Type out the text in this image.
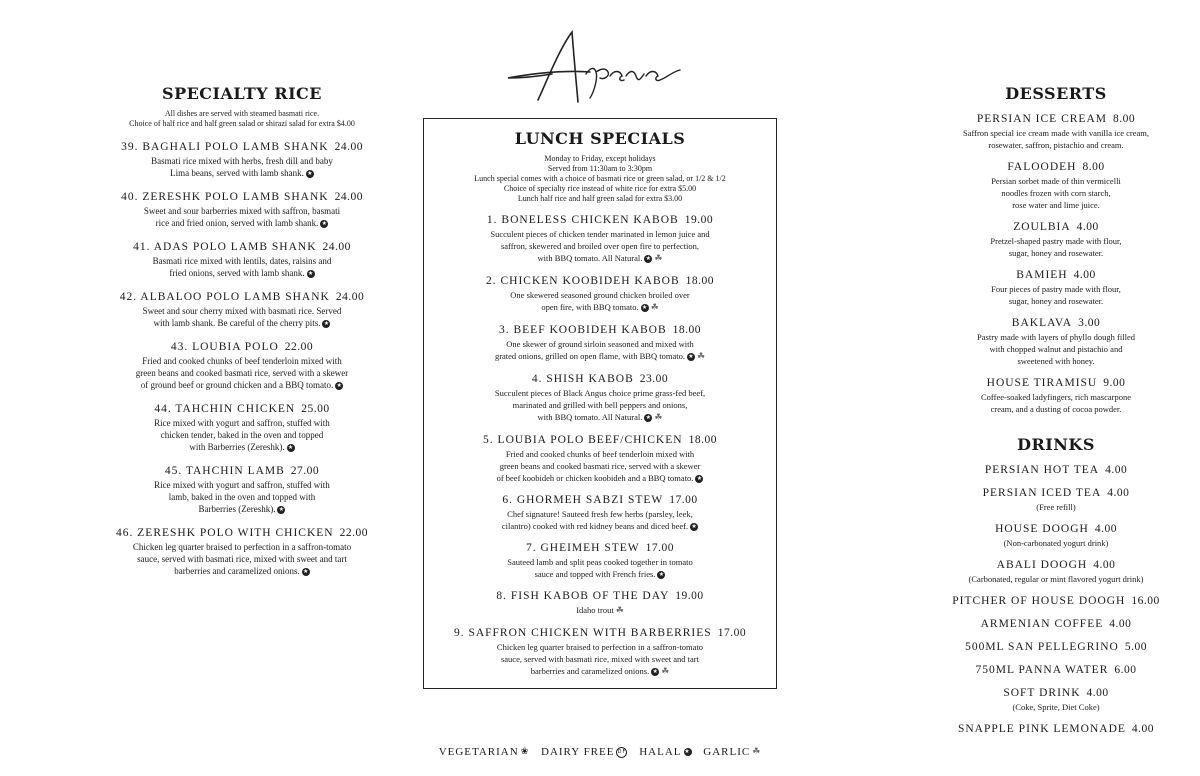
SPECIALTY RICE
All dishes are served with steamed basmati rice.
Choice of half rice and half green salad or shirazi salad for extra $4.00
39. BAGHALI POLO LAMB SHANK 24.00
Basmati rice mixed with herbs, fresh dill and baby
Lima beans, served with lamb shank. ★
40. ZERESHK POLO LAMB SHANK 24.00
Sweet and sour barberries mixed with saffron, basmati
rice and fried onion, served with lamb shank. ★
41. ADAS POLO LAMB SHANK 24.00
Basmati rice mixed with lentils, dates, raisins and
fried onions, served with lamb shank. ★
42. ALBALOO POLO LAMB SHANK 24.00
Sweet and sour cherry mixed with basmati rice. Served
with lamb shank. Be careful of the cherry pits. ★
43. LOUBIA POLO 22.00
Fried and cooked chunks of beef tenderloin mixed with
green beans and cooked basmati rice, served with a skewer
of ground beef or ground chicken and a BBQ tomato. ★
44. TAHCHIN CHICKEN 25.00
Rice mixed with yogurt and saffron, stuffed with
chicken tender, baked in the oven and topped
with Barberries (Zereshk). ★
45. TAHCHIN LAMB 27.00
Rice mixed with yogurt and saffron, stuffed with
lamb, baked in the oven and topped with
Barberries (Zereshk). ★
46. ZERESHK POLO WITH CHICKEN 22.00
Chicken leg quarter braised to perfection in a saffron-tomato
sauce, served with basmati rice, mixed with sweet and tart
barberries and caramelized onions. ★
LUNCH SPECIALS
Monday to Friday, except holidays
Served from 11:30am to 3:30pm
Lunch special comes with a choice of basmati rice or green salad, or 1/2 & 1/2
Choice of specialty rice instead of white rice for extra $5.00
Lunch half rice and half green salad for extra $3.00
1. BONELESS CHICKEN KABOB 19.00
Succulent pieces of chicken tender marinated in lemon juice and
saffron, skewered and broiled over open fire to perfection,
with BBQ tomato. All Natural. ★ ☘
2. CHICKEN KOOBIDEH KABOB 18.00
One skewered seasoned ground chicken broiled over
open fire, with BBQ tomato. ★ ☘
3. BEEF KOOBIDEH KABOB 18.00
One skewer of ground sirloin seasoned and mixed with
grated onions, grilled on open flame, with BBQ tomato. ★ ☘
4. SHISH KABOB 23.00
Succulent pieces of Black Angus choice prime grass-fed beef,
marinated and grilled with bell peppers and onions,
with BBQ tomato. All Natural. ★ ☘
5. LOUBIA POLO BEEF/CHICKEN 18.00
Fried and cooked chunks of beef tenderloin mixed with
green beans and cooked basmati rice, served with a skewer
of beef koobideh or chicken koobideh and a BBQ tomato. ★
6. GHORMEH SABZI STEW 17.00
Chef signature! Sauteed fresh few herbs (parsley, leek,
cilantro) cooked with red kidney beans and diced beef. ★
7. GHEIMEH STEW 17.00
Sauteed lamb and split peas cooked together in tomato
sauce and topped with French fries. ★
8. FISH KABOB OF THE DAY 19.00
Idaho trout ☘
9. SAFFRON CHICKEN WITH BARBERRIES 17.00
Chicken leg quarter braised to perfection in a saffron-tomato
sauce, served with basmati rice, mixed with sweet and tart
barberries and caramelized onions. ★ ☘
DESSERTS
PERSIAN ICE CREAM 8.00
Saffron special ice cream made with vanilla ice cream,
rosewater, saffron, pistachio and cream.
FALOODEH 8.00
Persian sorbet made of thin vermicelli
noodles frozen with corn starch,
rose water and lime juice.
ZOULBIA 4.00
Pretzel-shaped pastry made with flour,
sugar, honey and rosewater.
BAMIEH 4.00
Four pieces of pastry made with flour,
sugar, honey and rosewater.
BAKLAVA 3.00
Pastry made with layers of phyllo dough filled
with chopped walnut and pistachio and
sweetened with honey.
HOUSE TIRAMISU 9.00
Coffee-soaked ladyfingers, rich mascarpone
cream, and a dusting of cocoa powder.
DRINKS
PERSIAN HOT TEA 4.00
PERSIAN ICED TEA 4.00
(Free refill)
HOUSE DOOGH 4.00
(Non-carbonated yogurt drink)
ABALI DOOGH 4.00
(Carbonated, regular or mint flavored yogurt drink)
PITCHER OF HOUSE DOOGH 16.00
ARMENIAN COFFEE 4.00
500ML SAN PELLEGRINO 5.00
750ML PANNA WATER 6.00
SOFT DRINK 4.00
(Coke, Sprite, Diet Coke)
SNAPPLE PINK LEMONADE 4.00
VEGETARIAN ❀ DAIRY FREE DF HALAL ★ GARLIC ☘
